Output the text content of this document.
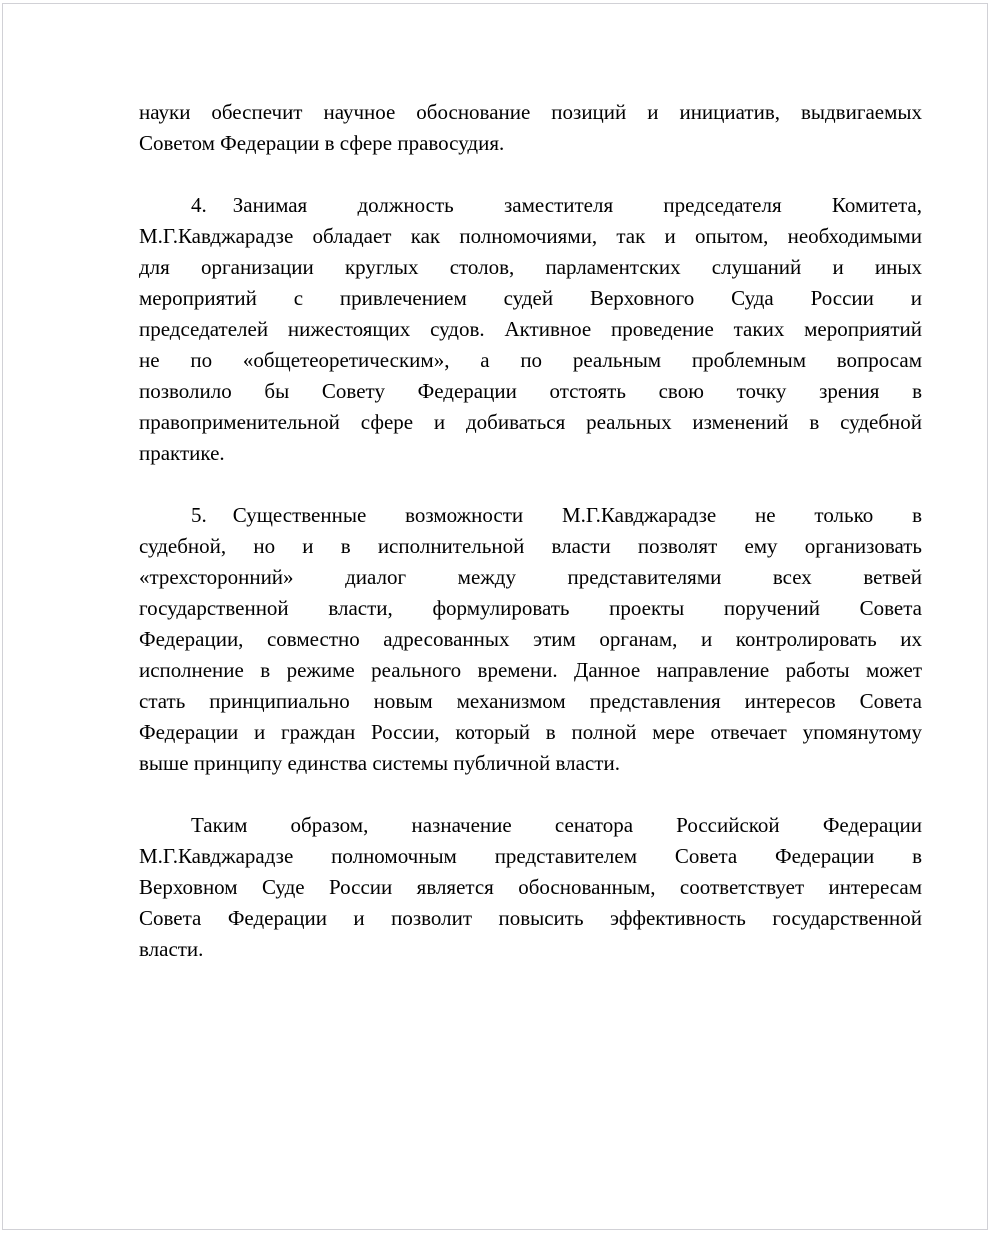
науки обеспечит научное обоснование позиций и инициатив, выдвигаемых
Советом Федерации в сфере правосудия.
4. Занимая должность заместителя председателя Комитета,
М.Г.Кавджарадзе обладает как полномочиями, так и опытом, необходимыми
для организации круглых столов, парламентских слушаний и иных
мероприятий с привлечением судей Верховного Суда России и
председателей нижестоящих судов. Активное проведение таких мероприятий
не по «общетеоретическим», а по реальным проблемным вопросам
позволило бы Совету Федерации отстоять свою точку зрения в
правоприменительной сфере и добиваться реальных изменений в судебной
практике.
5. Существенные возможности М.Г.Кавджарадзе не только в
судебной, но и в исполнительной власти позволят ему организовать
«трехсторонний» диалог между представителями всех ветвей
государственной власти, формулировать проекты поручений Совета
Федерации, совместно адресованных этим органам, и контролировать их
исполнение в режиме реального времени. Данное направление работы может
стать принципиально новым механизмом представления интересов Совета
Федерации и граждан России, который в полной мере отвечает упомянутому
выше принципу единства системы публичной власти.
Таким образом, назначение сенатора Российской Федерации
М.Г.Кавджарадзе полномочным представителем Совета Федерации в
Верховном Суде России является обоснованным, соответствует интересам
Совета Федерации и позволит повысить эффективность государственной
власти.
